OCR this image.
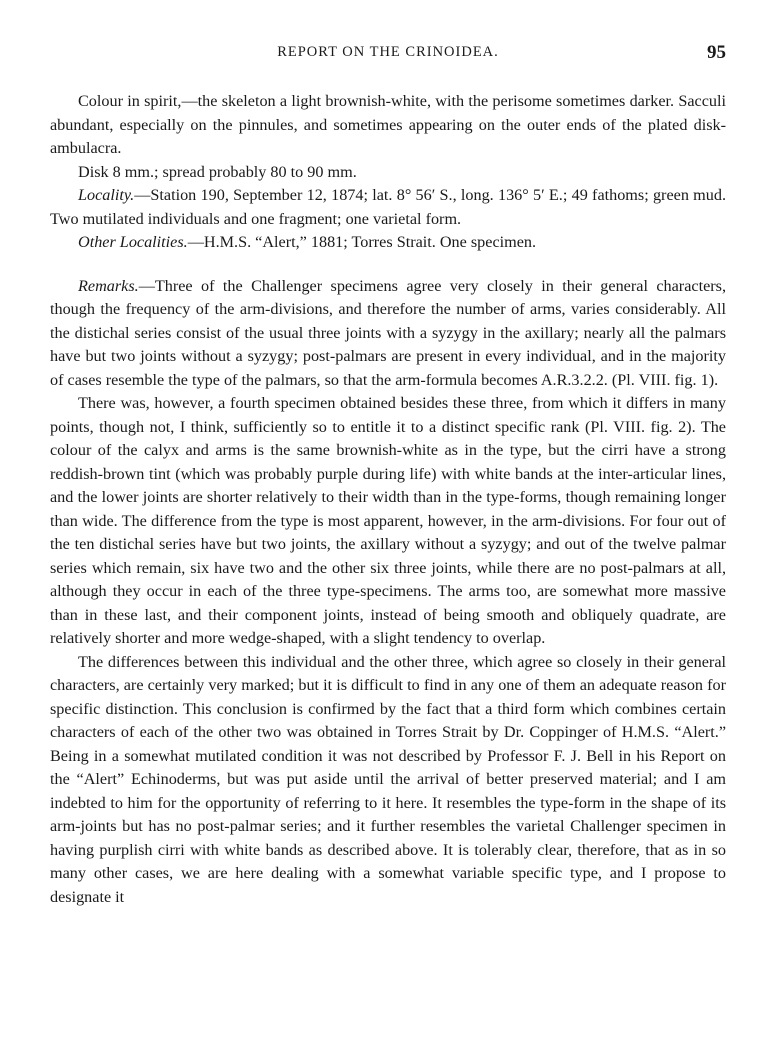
REPORT ON THE CRINOIDEA.	95

Colour in spirit,—the skeleton a light brownish-white, with the perisome sometimes darker. Sacculi abundant, especially on the pinnules, and sometimes appearing on the outer ends of the plated disk-ambulacra.

Disk 8 mm.; spread probably 80 to 90 mm.

Locality.—Station 190, September 12, 1874; lat. 8° 56′ S., long. 136° 5′ E.; 49 fathoms; green mud. Two mutilated individuals and one fragment; one varietal form.

Other Localities.—H.M.S. “Alert,” 1881; Torres Strait. One specimen.

Remarks.—Three of the Challenger specimens agree very closely in their general characters, though the frequency of the arm-divisions, and therefore the number of arms, varies considerably. All the distichal series consist of the usual three joints with a syzygy in the axillary; nearly all the palmars have but two joints without a syzygy; post-palmars are present in every individual, and in the majority of cases resemble the type of the palmars, so that the arm-formula becomes A.R.3.2.2. (Pl. VIII. fig. 1).

There was, however, a fourth specimen obtained besides these three, from which it differs in many points, though not, I think, sufficiently so to entitle it to a distinct specific rank (Pl. VIII. fig. 2). The colour of the calyx and arms is the same brownish-white as in the type, but the cirri have a strong reddish-brown tint (which was probably purple during life) with white bands at the inter-articular lines, and the lower joints are shorter relatively to their width than in the type-forms, though remaining longer than wide. The difference from the type is most apparent, however, in the arm-divisions. For four out of the ten distichal series have but two joints, the axillary without a syzygy; and out of the twelve palmar series which remain, six have two and the other six three joints, while there are no post-palmars at all, although they occur in each of the three type-specimens. The arms too, are somewhat more massive than in these last, and their component joints, instead of being smooth and obliquely quadrate, are relatively shorter and more wedge-shaped, with a slight tendency to overlap.

The differences between this individual and the other three, which agree so closely in their general characters, are certainly very marked; but it is difficult to find in any one of them an adequate reason for specific distinction. This conclusion is confirmed by the fact that a third form which combines certain characters of each of the other two was obtained in Torres Strait by Dr. Coppinger of H.M.S. “Alert.” Being in a somewhat mutilated condition it was not described by Professor F. J. Bell in his Report on the “Alert” Echinoderms, but was put aside until the arrival of better preserved material; and I am indebted to him for the opportunity of referring to it here. It resembles the type-form in the shape of its arm-joints but has no post-palmar series; and it further resembles the varietal Challenger specimen in having purplish cirri with white bands as described above. It is tolerably clear, therefore, that as in so many other cases, we are here dealing with a somewhat variable specific type, and I propose to designate it
